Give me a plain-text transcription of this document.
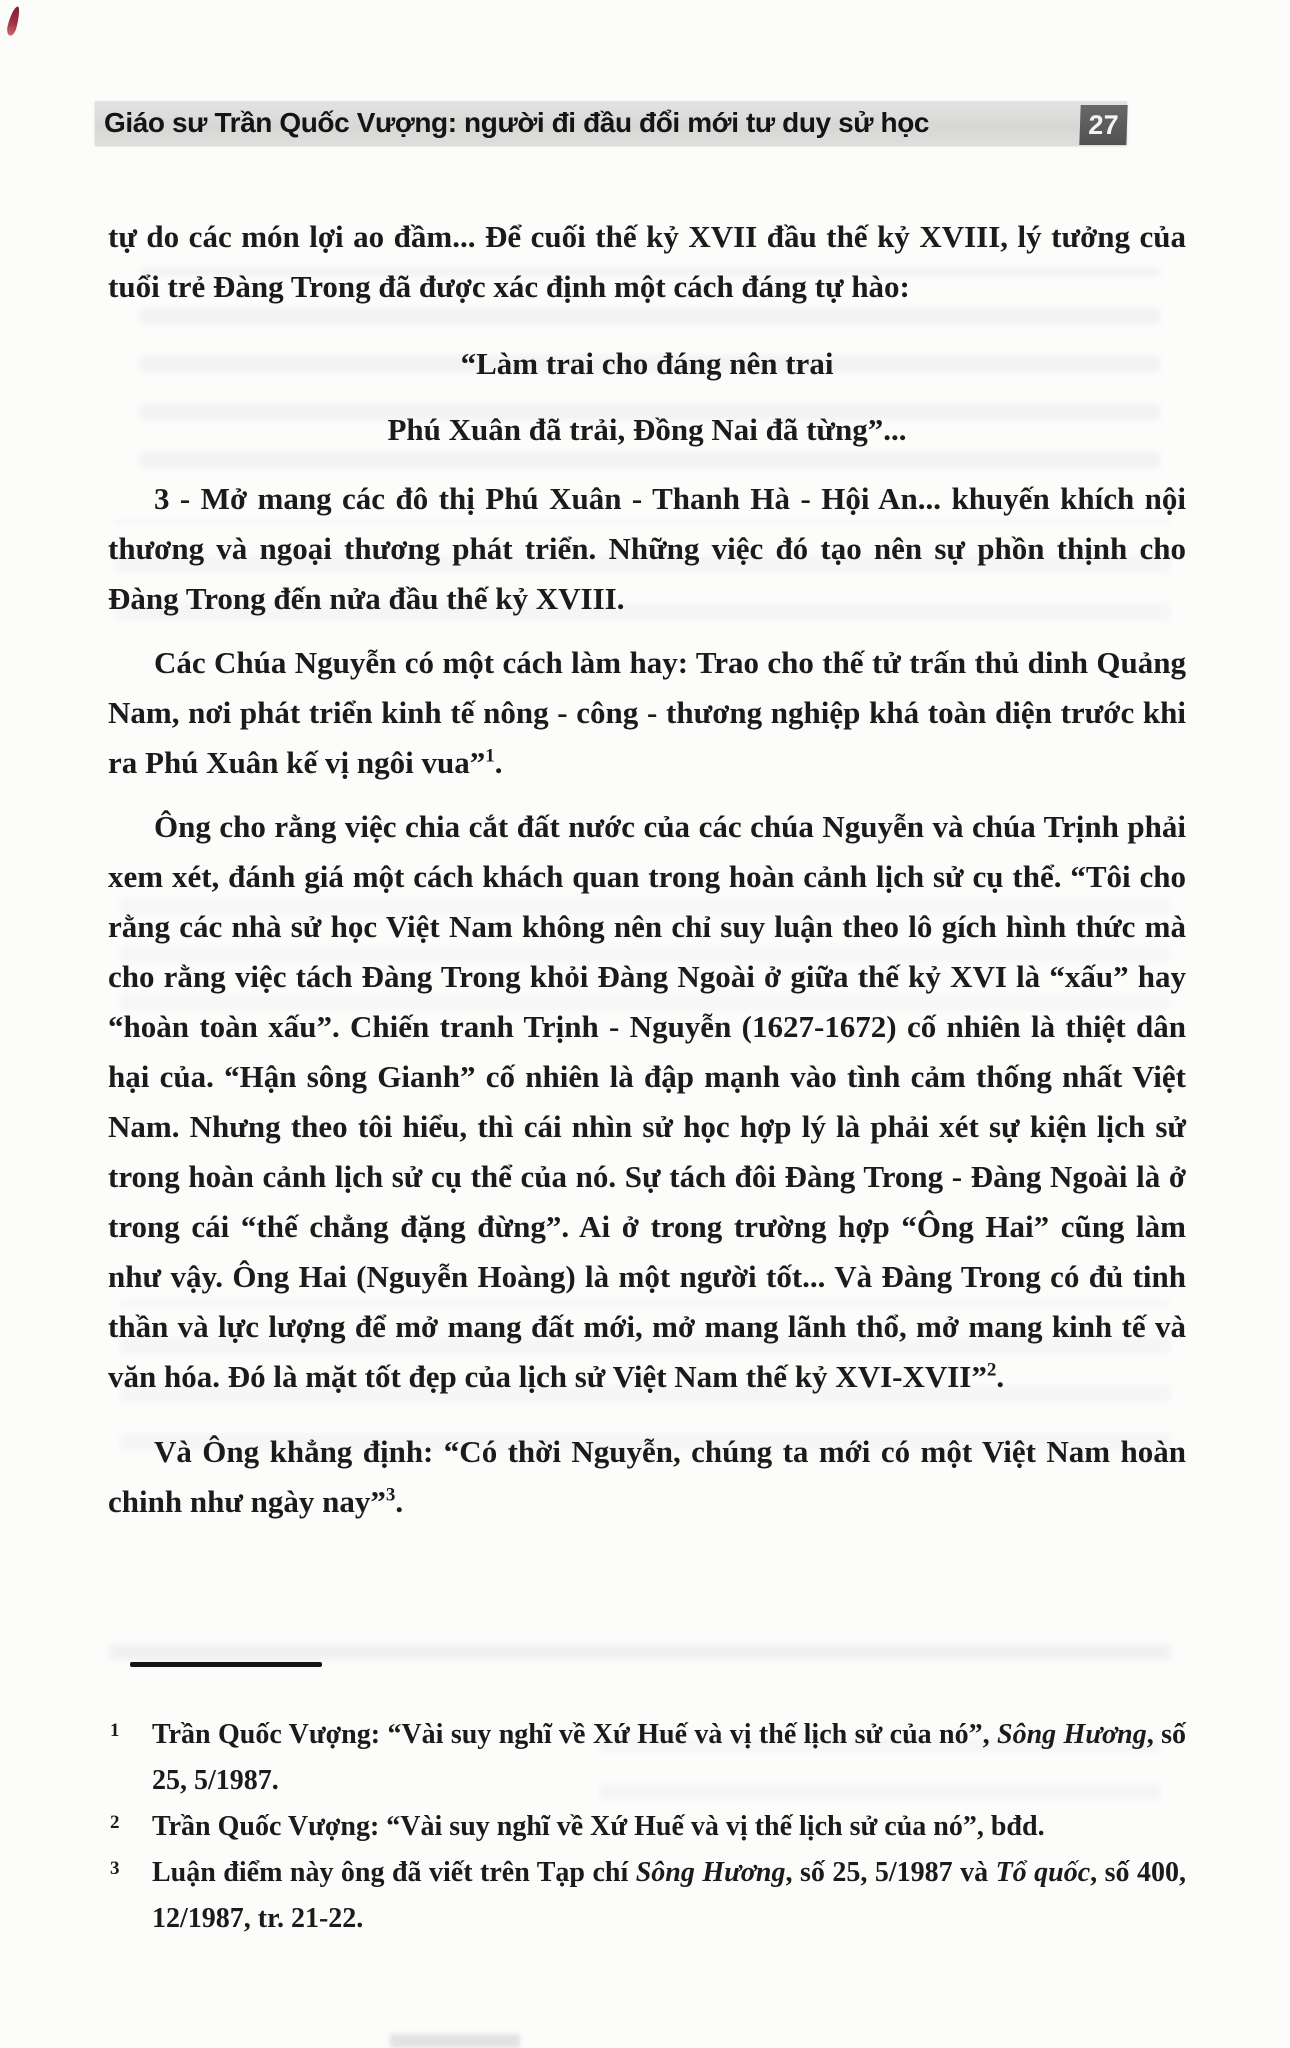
Giáo sư Trần Quốc Vượng: người đi đầu đổi mới tư duy sử học	27

tự do các món lợi ao đầm... Để cuối thế kỷ XVII đầu thế kỷ XVIII, lý tưởng của tuổi trẻ Đàng Trong đã được xác định một cách đáng tự hào:

“Làm trai cho đáng nên trai

Phú Xuân đã trải, Đồng Nai đã từng”...

3 - Mở mang các đô thị Phú Xuân - Thanh Hà - Hội An... khuyến khích nội thương và ngoại thương phát triển. Những việc đó tạo nên sự phồn thịnh cho Đàng Trong đến nửa đầu thế kỷ XVIII.

Các Chúa Nguyễn có một cách làm hay: Trao cho thế tử trấn thủ dinh Quảng Nam, nơi phát triển kinh tế nông - công - thương nghiệp khá toàn diện trước khi ra Phú Xuân kế vị ngôi vua”$^1$.

Ông cho rằng việc chia cắt đất nước của các chúa Nguyễn và chúa Trịnh phải xem xét, đánh giá một cách khách quan trong hoàn cảnh lịch sử cụ thể. “Tôi cho rằng các nhà sử học Việt Nam không nên chỉ suy luận theo lô gích hình thức mà cho rằng việc tách Đàng Trong khỏi Đàng Ngoài ở giữa thế kỷ XVI là “xấu” hay “hoàn toàn xấu”. Chiến tranh Trịnh - Nguyễn (1627-1672) cố nhiên là thiệt dân hại của. “Hận sông Gianh” cố nhiên là đập mạnh vào tình cảm thống nhất Việt Nam. Nhưng theo tôi hiểu, thì cái nhìn sử học hợp lý là phải xét sự kiện lịch sử trong hoàn cảnh lịch sử cụ thể của nó. Sự tách đôi Đàng Trong - Đàng Ngoài là ở trong cái “thế chẳng đặng đừng”. Ai ở trong trường hợp “Ông Hai” cũng làm như vậy. Ông Hai (Nguyễn Hoàng) là một người tốt... Và Đàng Trong có đủ tinh thần và lực lượng để mở mang đất mới, mở mang lãnh thổ, mở mang kinh tế và văn hóa. Đó là mặt tốt đẹp của lịch sử Việt Nam thế kỷ XVI-XVII”$^2$.

Và Ông khẳng định: “Có thời Nguyễn, chúng ta mới có một Việt Nam hoàn chinh như ngày nay”$^3$.

1 Trần Quốc Vượng: “Vài suy nghĩ về Xứ Huế và vị thế lịch sử của nó”, Sông Hương, số 25, 5/1987.
2 Trần Quốc Vượng: “Vài suy nghĩ về Xứ Huế và vị thế lịch sử của nó”, bđd.
3 Luận điểm này ông đã viết trên Tạp chí Sông Hương, số 25, 5/1987 và Tổ quốc, số 400, 12/1987, tr. 21-22.
